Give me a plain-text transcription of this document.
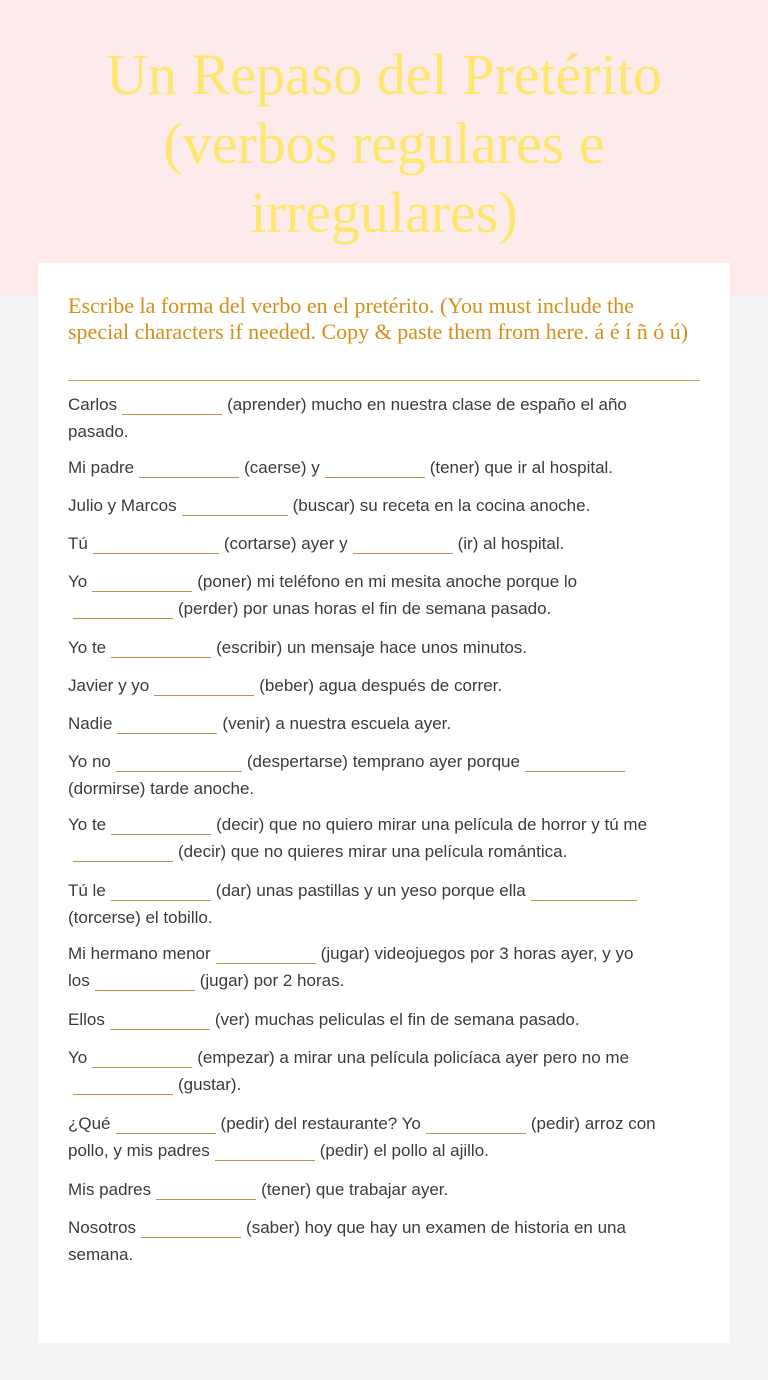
Un Repaso del Pretérito (verbos regulares e irregulares)

Escribe la forma del verbo en el pretérito. (You must include the special characters if needed. Copy & paste them from here. á é í ñ ó ú)

Carlos	(aprender) mucho en nuestra clase de españo el año
pasado.

Mi padre	(caerse) y	(tener) que ir al hospital.

Julio y Marcos	(buscar) su receta en la cocina anoche.

Tú	(cortarse) ayer y	(ir) al hospital.

Yo	(poner) mi teléfono en mi mesita anoche porque lo
(perder) por unas horas el fin de semana pasado.

Yo te	(escribir) un mensaje hace unos minutos.

Javier y yo	(beber) agua después de correr.

Nadie	(venir) a nuestra escuela ayer.

Yo no	(despertarse) temprano ayer porque
(dormirse) tarde anoche.

Yo te	(decir) que no quiero mirar una película de horror y tú me
(decir) que no quieres mirar una película romántica.

Tú le	(dar) unas pastillas y un yeso porque ella
(torcerse) el tobillo.

Mi hermano menor	(jugar) videojuegos por 3 horas ayer, y yo
los	(jugar) por 2 horas.

Ellos	(ver) muchas peliculas el fin de semana pasado.

Yo	(empezar) a mirar una película policíaca ayer pero no me
(gustar).

¿Qué	(pedir) del restaurante? Yo	(pedir) arroz con
pollo, y mis padres	(pedir) el pollo al ajillo.

Mis padres	(tener) que trabajar ayer.

Nosotros	(saber) hoy que hay un examen de historia en una
semana.
